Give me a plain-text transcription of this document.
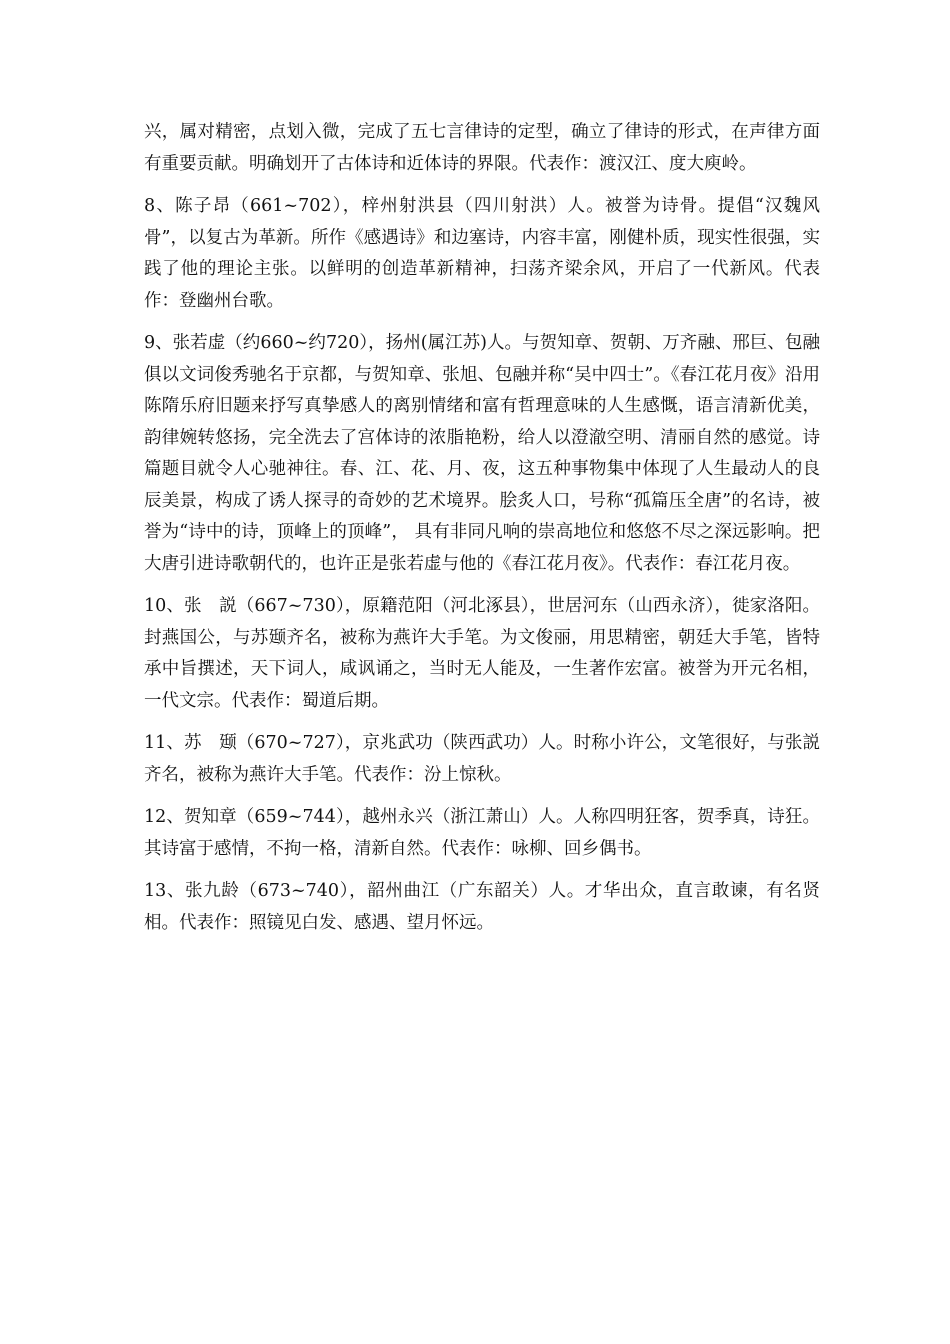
兴，属对精密，点划入微，完成了五七言律诗的定型，确立了律诗的形式，在声律方面有重要贡献。明确划开了古体诗和近体诗的界限。代表作：渡汉江、度大庾岭。

8、陈子昂（661~702），梓州射洪县（四川射洪）人。被誉为诗骨。提倡“汉魏风骨”，以复古为革新。所作《感遇诗》和边塞诗，内容丰富，刚健朴质，现实性很强，实践了他的理论主张。以鲜明的创造革新精神，扫荡齐梁余风，开启了一代新风。代表作：登幽州台歌。

9、张若虚（约660~约720），扬州(属江苏)人。与贺知章、贺朝、万齐融、邢巨、包融俱以文词俊秀驰名于京都，与贺知章、张旭、包融并称“吴中四士”。《春江花月夜》沿用陈隋乐府旧题来抒写真挚感人的离别情绪和富有哲理意味的人生感慨，语言清新优美，韵律婉转悠扬，完全洗去了宫体诗的浓脂艳粉，给人以澄澈空明、清丽自然的感觉。诗篇题目就令人心驰神往。春、江、花、月、夜，这五种事物集中体现了人生最动人的良辰美景，构成了诱人探寻的奇妙的艺术境界。脍炙人口，号称“孤篇压全唐”的名诗，被誉为“诗中的诗，顶峰上的顶峰”， 具有非同凡响的崇高地位和悠悠不尽之深远影响。把大唐引进诗歌朝代的，也许正是张若虚与他的《春江花月夜》。代表作：春江花月夜。

10、张　説（667~730），原籍范阳（河北涿县），世居河东（山西永济），徙家洛阳。封燕国公，与苏颋齐名，被称为燕许大手笔。为文俊丽，用思精密，朝廷大手笔，皆特承中旨撰述，天下词人，咸讽诵之，当时无人能及，一生著作宏富。被誉为开元名相，一代文宗。代表作：蜀道后期。

11、苏　颋（670~727），京兆武功（陕西武功）人。时称小许公，文笔很好，与张説齐名，被称为燕许大手笔。代表作：汾上惊秋。

12、贺知章（659~744），越州永兴（浙江萧山）人。人称四明狂客，贺季真，诗狂。其诗富于感情，不拘一格，清新自然。代表作：咏柳、回乡偶书。

13、张九龄（673~740），韶州曲江（广东韶关）人。才华出众，直言敢谏，有名贤相。代表作：照镜见白发、感遇、望月怀远。
